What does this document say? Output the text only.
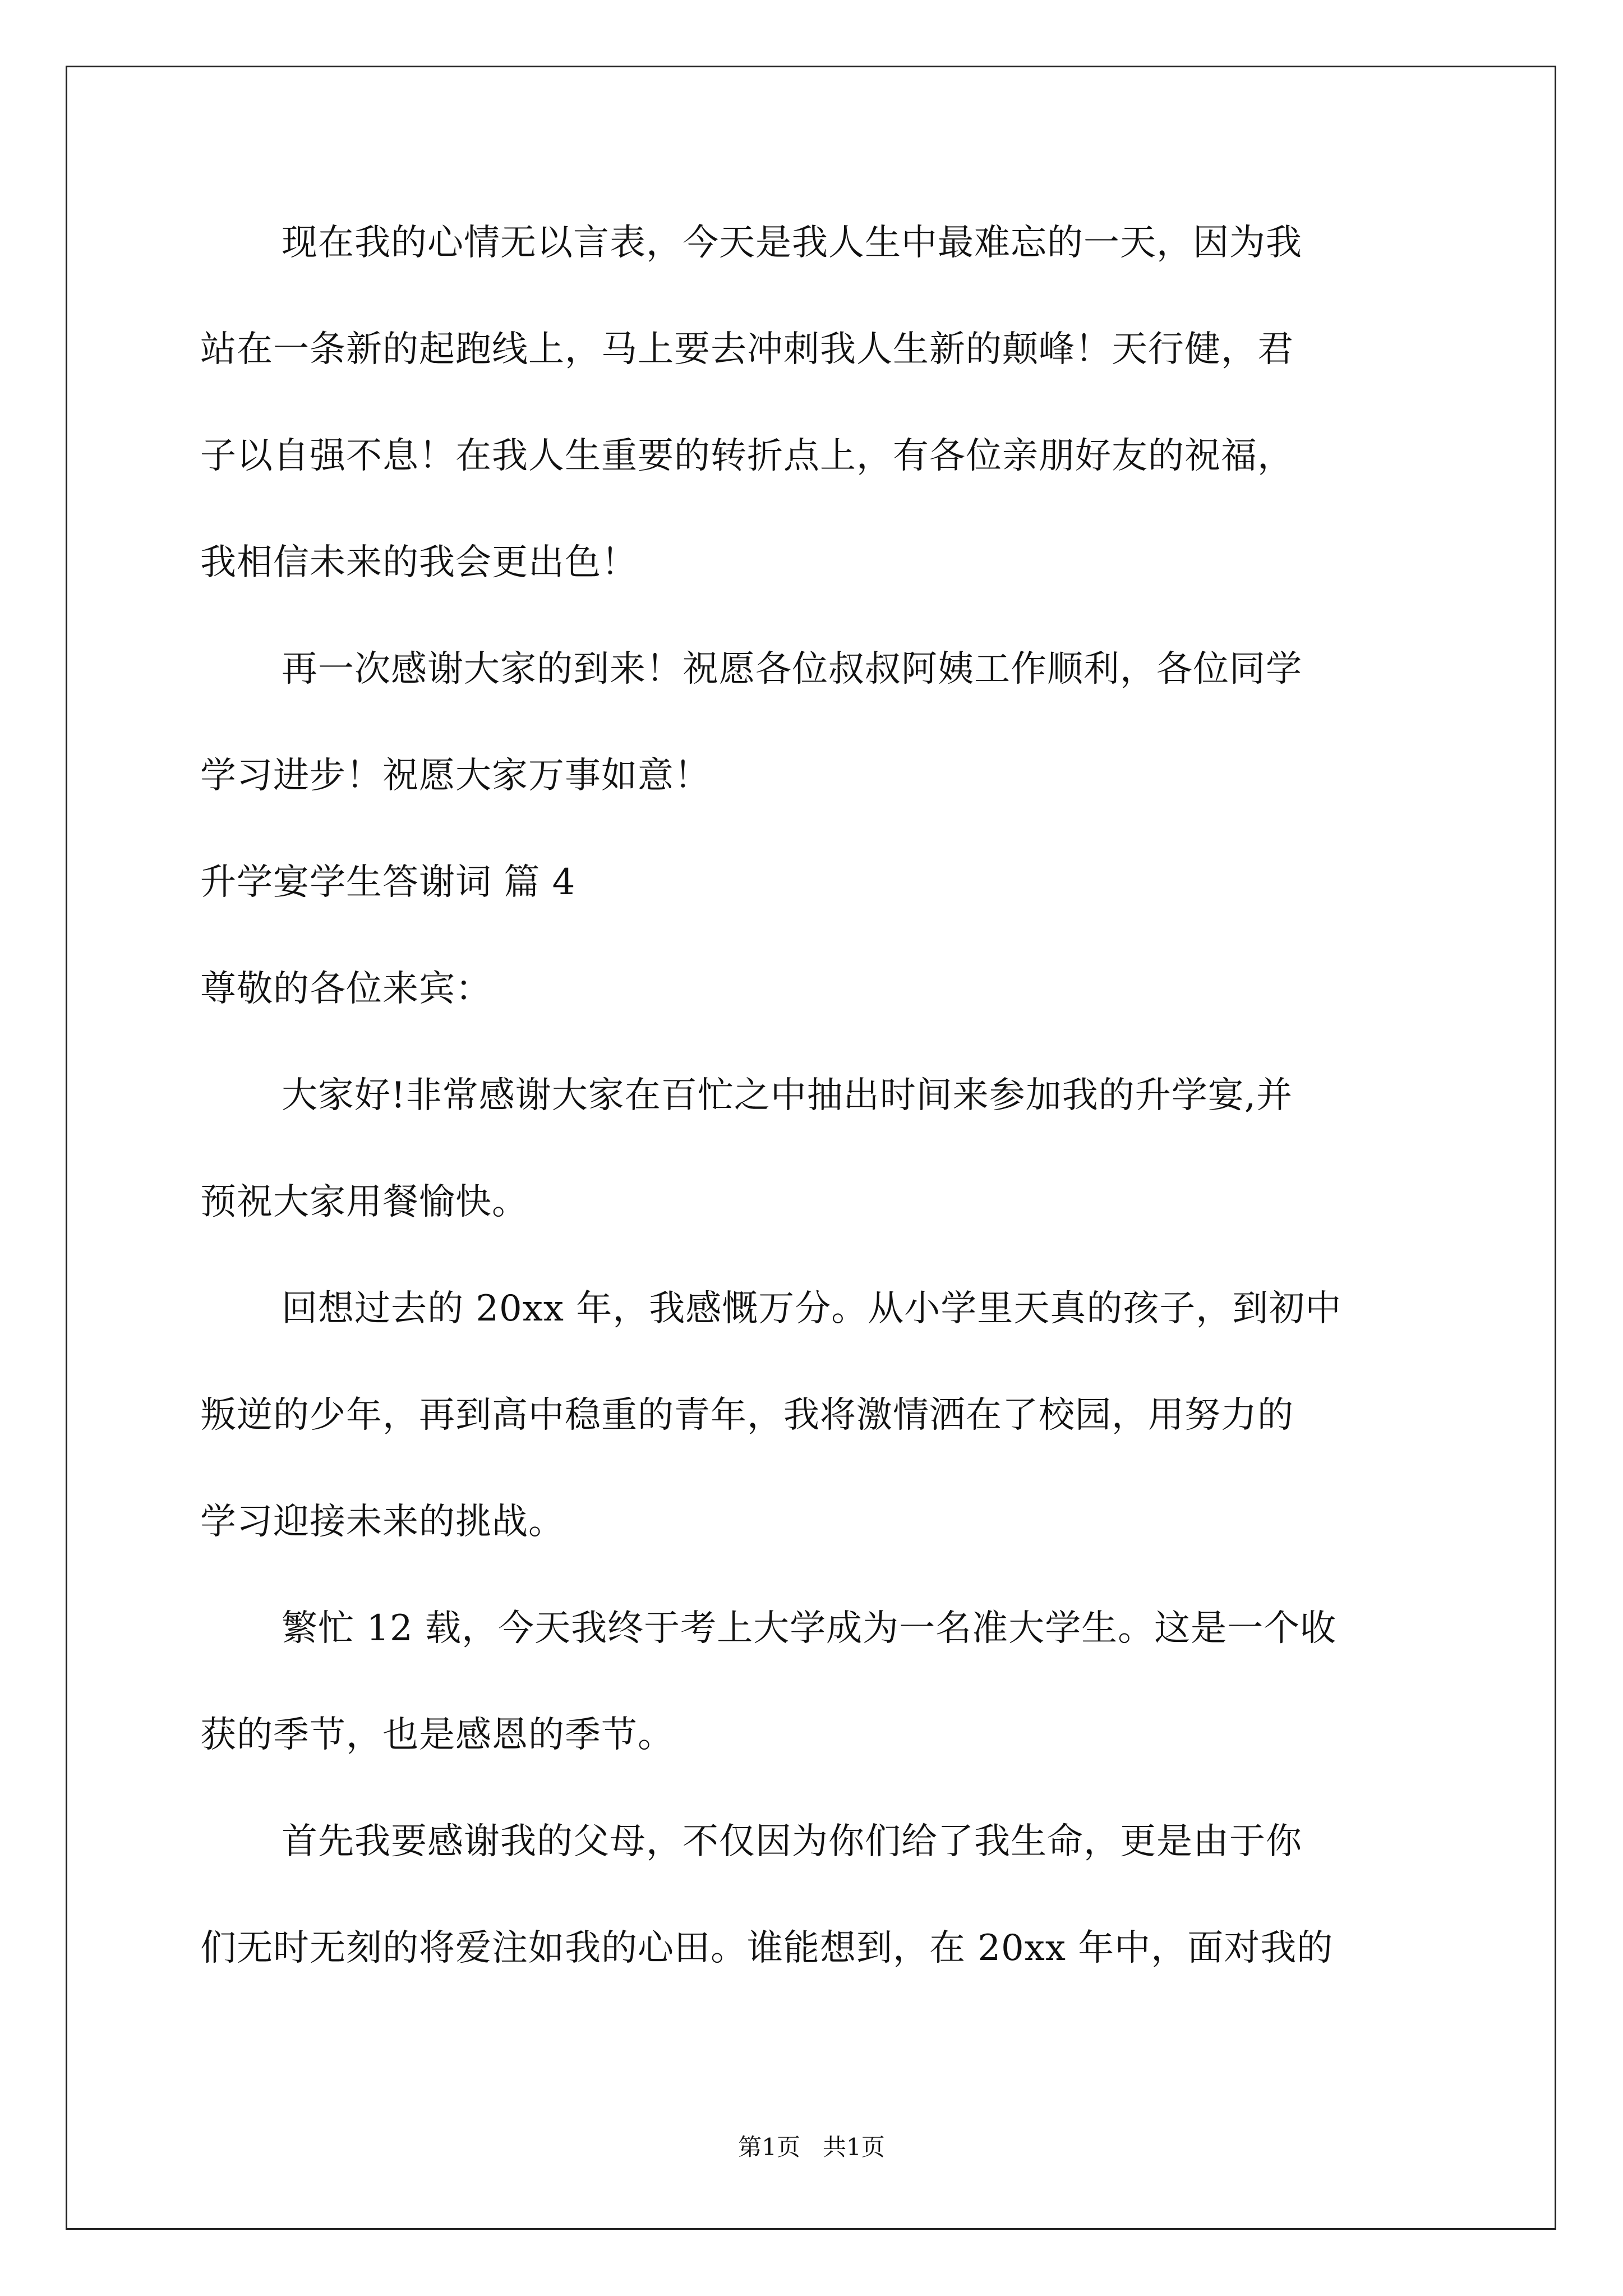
现在我的心情无以言表，今天是我人生中最难忘的一天，因为我

站在一条新的起跑线上，马上要去冲刺我人生新的颠峰！天行健，君

子以自强不息！在我人生重要的转折点上，有各位亲朋好友的祝福，

我相信未来的我会更出色！

再一次感谢大家的到来！祝愿各位叔叔阿姨工作顺利，各位同学

学习进步！祝愿大家万事如意！

升学宴学生答谢词 篇 4

尊敬的各位来宾：

大家好!非常感谢大家在百忙之中抽出时间来参加我的升学宴,并

预祝大家用餐愉快。

回想过去的 20xx 年，我感慨万分。从小学里天真的孩子，到初中

叛逆的少年，再到高中稳重的青年，我将激情洒在了校园，用努力的

学习迎接未来的挑战。

繁忙 12 载，今天我终于考上大学成为一名准大学生。这是一个收

获的季节，也是感恩的季节。

首先我要感谢我的父母，不仅因为你们给了我生命，更是由于你

们无时无刻的将爱注如我的心田。谁能想到，在 20xx 年中，面对我的

第1页 共1页
